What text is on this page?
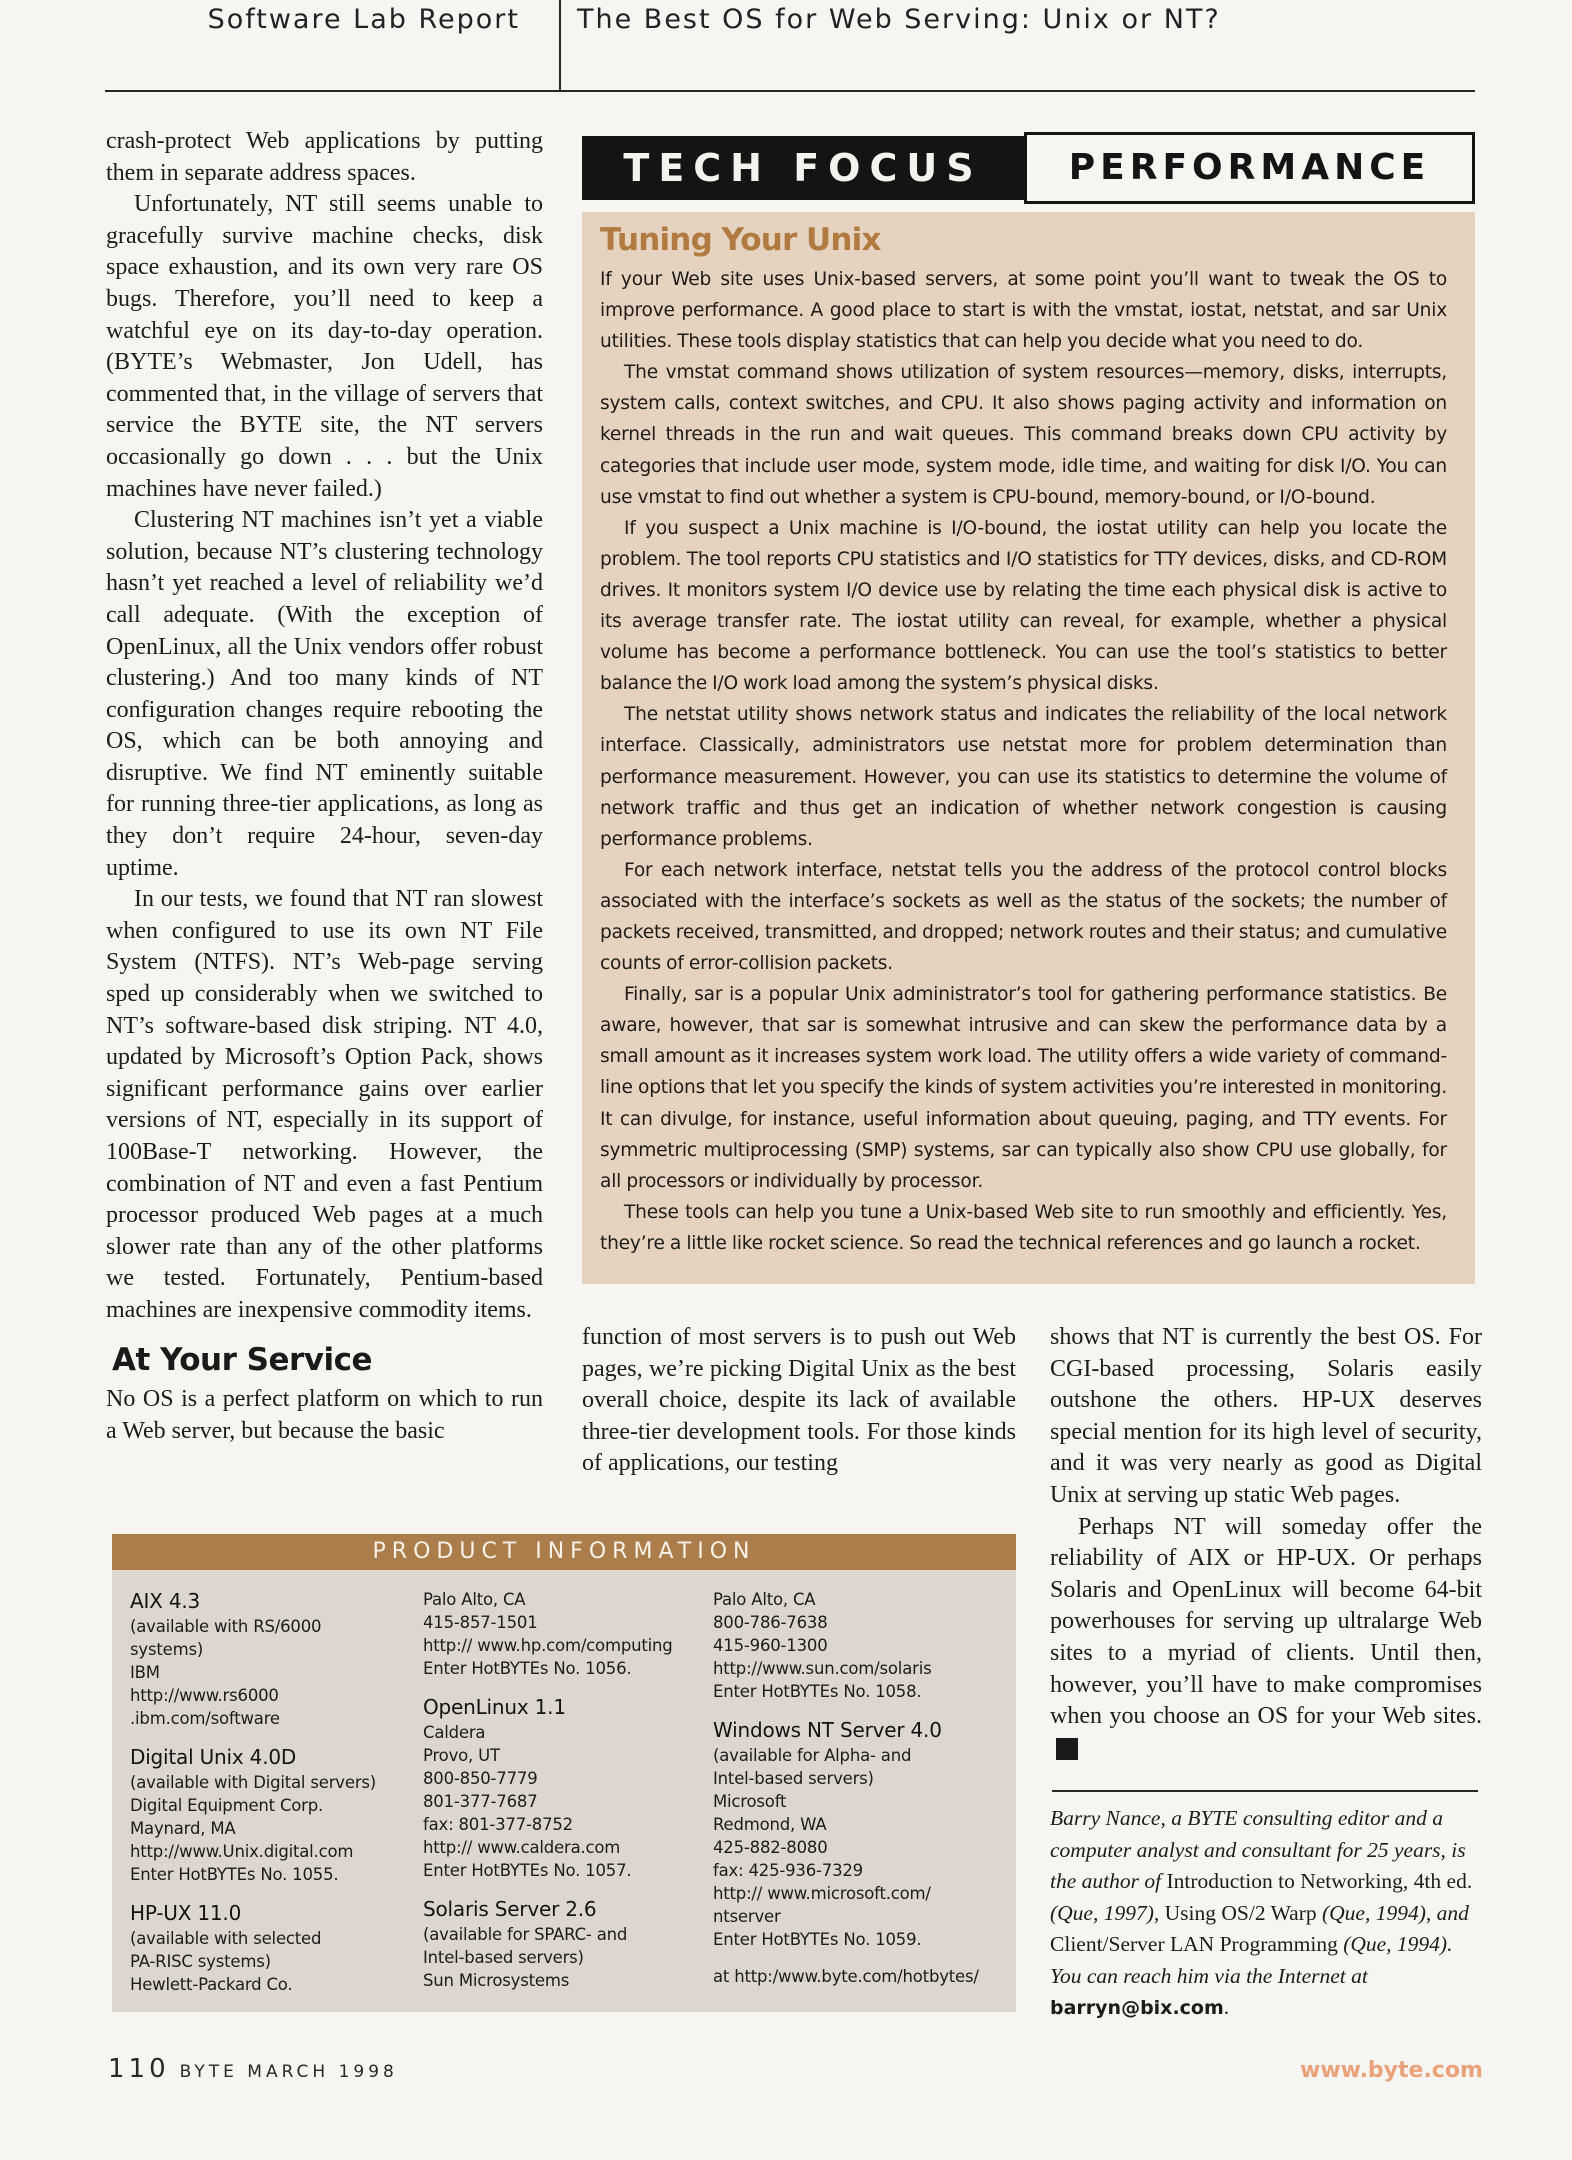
Software Lab Report	The Best OS for Web Serving: Unix or NT?

crash-protect Web applications by putting them in separate address spaces.

Unfortunately, NT still seems unable to gracefully survive machine checks, disk space exhaustion, and its own very rare OS bugs. Therefore, you’ll need to keep a watchful eye on its day-to-day operation. (BYTE’s Webmaster, Jon Udell, has commented that, in the village of servers that service the BYTE site, the NT servers occasionally go down . . . but the Unix machines have never failed.)

Clustering NT machines isn’t yet a viable solution, because NT’s clustering technology hasn’t yet reached a level of reliability we’d call adequate. (With the exception of OpenLinux, all the Unix vendors offer robust clustering.) And too many kinds of NT configuration changes require rebooting the OS, which can be both annoying and disruptive. We find NT eminently suitable for running three-tier applications, as long as they don’t require 24-hour, seven-day uptime.

In our tests, we found that NT ran slowest when configured to use its own NT File System (NTFS). NT’s Web-page serving sped up considerably when we switched to NT’s software-based disk striping. NT 4.0, updated by Microsoft’s Option Pack, shows significant performance gains over earlier versions of NT, especially in its support of 100Base-T networking. However, the combination of NT and even a fast Pentium processor produced Web pages at a much slower rate than any of the other platforms we tested. Fortunately, Pentium-based machines are inexpensive commodity items.

At Your Service

No OS is a perfect platform on which to run a Web server, but because the basic

TECH FOCUS	PERFORMANCE
Tuning Your Unix

If your Web site uses Unix-based servers, at some point you’ll want to tweak the OS to improve performance. A good place to start is with the vmstat, iostat, netstat, and sar Unix utilities. These tools display statistics that can help you decide what you need to do.

The vmstat command shows utilization of system resources—memory, disks, interrupts, system calls, context switches, and CPU. It also shows paging activity and information on kernel threads in the run and wait queues. This command breaks down CPU activity by categories that include user mode, system mode, idle time, and waiting for disk I/O. You can use vmstat to find out whether a system is CPU-bound, memory-bound, or I/O-bound.

If you suspect a Unix machine is I/O-bound, the iostat utility can help you locate the problem. The tool reports CPU statistics and I/O statistics for TTY devices, disks, and CD-ROM drives. It monitors system I/O device use by relating the time each physical disk is active to its average transfer rate. The iostat utility can reveal, for example, whether a physical volume has become a performance bottleneck. You can use the tool’s statistics to better balance the I/O work load among the system’s physical disks.

The netstat utility shows network status and indicates the reliability of the local network interface. Classically, administrators use netstat more for problem determination than performance measurement. However, you can use its statistics to determine the volume of network traffic and thus get an indication of whether network congestion is causing performance problems.

For each network interface, netstat tells you the address of the protocol control blocks associated with the interface’s sockets as well as the status of the sockets; the number of packets received, transmitted, and dropped; network routes and their status; and cumulative counts of error-collision packets.

Finally, sar is a popular Unix administrator’s tool for gathering performance statistics. Be aware, however, that sar is somewhat intrusive and can skew the performance data by a small amount as it increases system work load. The utility offers a wide variety of command-line options that let you specify the kinds of system activities you’re interested in monitoring. It can divulge, for instance, useful information about queuing, paging, and TTY events. For symmetric multiprocessing (SMP) systems, sar can typically also show CPU use globally, for all processors or individually by processor.

These tools can help you tune a Unix-based Web site to run smoothly and efficiently. Yes, they’re a little like rocket science. So read the technical references and go launch a rocket.

function of most servers is to push out Web pages, we’re picking Digital Unix as the best overall choice, despite its lack of available three-tier development tools. For those kinds of applications, our testing

shows that NT is currently the best OS. For CGI-based processing, Solaris easily outshone the others. HP-UX deserves special mention for its high level of security, and it was very nearly as good as Digital Unix at serving up static Web pages.

Perhaps NT will someday offer the reliability of AIX or HP-UX. Or perhaps Solaris and OpenLinux will become 64-bit powerhouses for serving up ultralarge Web sites to a myriad of clients. Until then, however, you’ll have to make compromises when you choose an OS for your Web sites.B

PRODUCT INFORMATION
AIX 4.3
(available with RS/6000
systems)
IBM
http://www.rs6000
.ibm.com/software
Digital Unix 4.0D
(available with Digital servers)
Digital Equipment Corp.
Maynard, MA
http://www.Unix.digital.com
Enter HotBYTEs No. 1055.
HP-UX 11.0
(available with selected
PA-RISC systems)
Hewlett-Packard Co.
Palo Alto, CA
415-857-1501
http:// www.hp.com/computing
Enter HotBYTEs No. 1056.
OpenLinux 1.1
Caldera
Provo, UT
800-850-7779
801-377-7687
fax: 801-377-8752
http:// www.caldera.com
Enter HotBYTEs No. 1057.
Solaris Server 2.6
(available for SPARC- and
Intel-based servers)
Sun Microsystems
Palo Alto, CA
800-786-7638
415-960-1300
http://www.sun.com/solaris
Enter HotBYTEs No. 1058.
Windows NT Server 4.0
(available for Alpha- and
Intel-based servers)
Microsoft
Redmond, WA
425-882-8080
fax: 425-936-7329
http:// www.microsoft.com/
ntserver
Enter HotBYTEs No. 1059.
at http:/www.byte.com/hotbytes/
Barry Nance, a BYTE consulting editor and a computer analyst and consultant for 25 years, is the author of Introduction to Networking, 4th ed. (Que, 1997), Using OS/2 Warp (Que, 1994), and Client/Server LAN Programming (Que, 1994). You can reach him via the Internet at barryn@bix.com.
110 BYTE MARCH 1998	www.byte.com
